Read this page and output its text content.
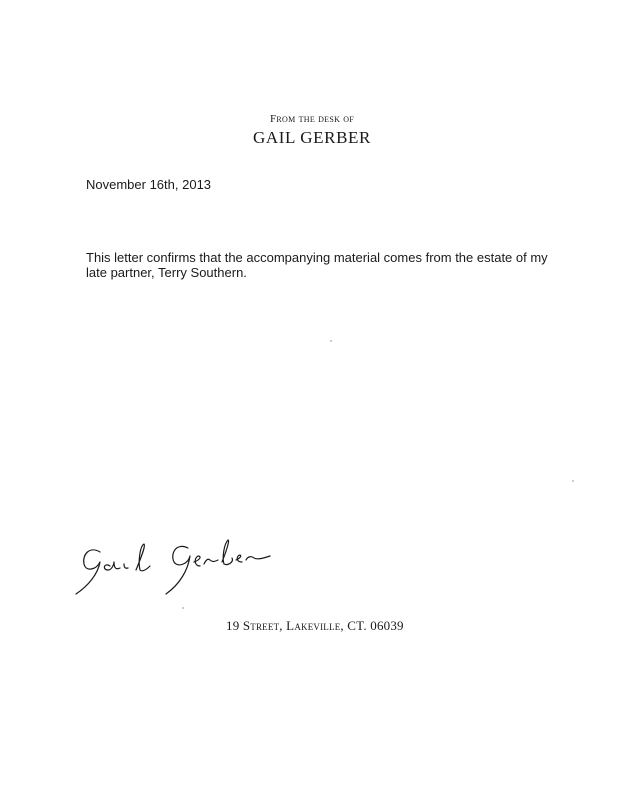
From the desk of
GAIL GERBER
November 16th, 2013
This letter confirms that the accompanying material comes from the estate of my late partner, Terry Southern.
19 Street, Lakeville, CT. 06039
